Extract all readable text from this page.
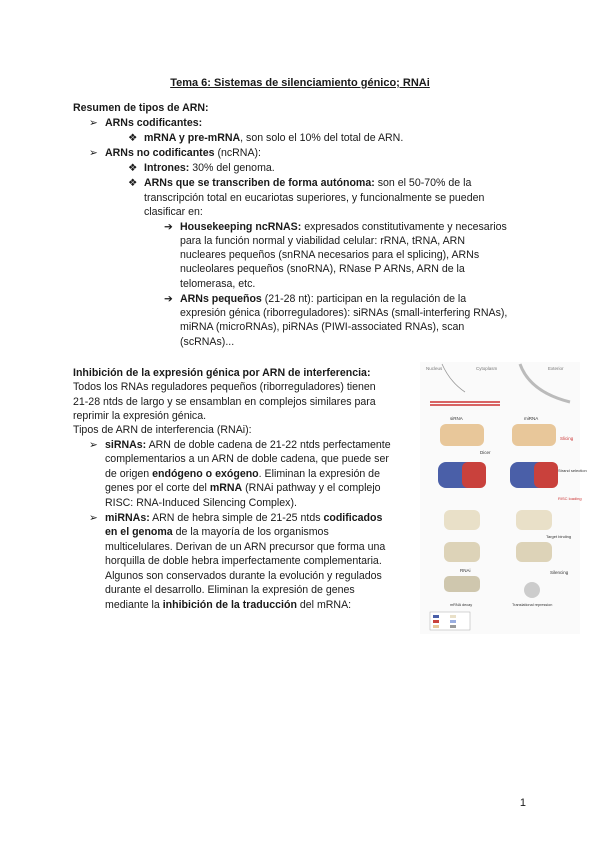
Tema 6: Sistemas de silenciamiento génico; RNAi
Resumen de tipos de ARN:
➢ ARNs codificantes:
❖ mRNA y pre-mRNA, son solo el 10% del total de ARN.
➢ ARNs no codificantes (ncRNA):
❖ Intrones: 30% del genoma.
❖ ARNs que se transcriben de forma autónoma: son el 50-70% de la
transcripción total en eucariotas superiores, y funcionalmente se pueden
clasificar en:
➔ Housekeeping ncRNAS: expresados constitutivamente y necesarios
para la función normal y viabilidad celular: rRNA, tRNA, ARN
nucleares pequeños (snRNA necesarios para el splicing), ARNs
nucleolares pequeños (snoRNA), RNase P ARNs, ARN de la
telomerasa, etc.
➔ ARNs pequeños (21-28 nt): participan en la regulación de la
expresión génica (riborreguladores): siRNAs (small-interfering RNAs),
miRNA (microRNAs), piRNAs (PIWI-associated RNAs), scan
(scRNAs)...
Inhibición de la expresión génica por ARN de interferencia:
Todos los RNAs reguladores pequeños (riborreguladores) tienen
21-28 ntds de largo y se ensamblan en complejos similares para
reprimir la expresión génica.
Tipos de ARN de interferencia (RNAi):
➢ siRNAs: ARN de doble cadena de 21-22 ntds perfectamente
complementarios a un ARN de doble cadena, que puede ser
de origen endógeno o exógeno. Eliminan la expresión de
genes por el corte del mRNA (RNAi pathway y el complejo
RISC: RNA-Induced Silencing Complex).
➢ miRNAs: ARN de hebra simple de 21-25 ntds codificados
en el genoma de la mayoría de los organismos
multicelulares. Derivan de un ARN precursor que forma una
horquilla de doble hebra imperfectamente complementaria.
Algunos son conservados durante la evolución y regulados
durante el desarrollo. Eliminan la expresión de genes
mediante la inhibición de la traducción del mRNA:
Nucleus	Cytoplasm	Exterior
siRNA	miRNA
Dicer
Slicing
Strand selection
RISC loading
Target binding
RNAi	Silencing
Translational repression
mRNA decay
1
